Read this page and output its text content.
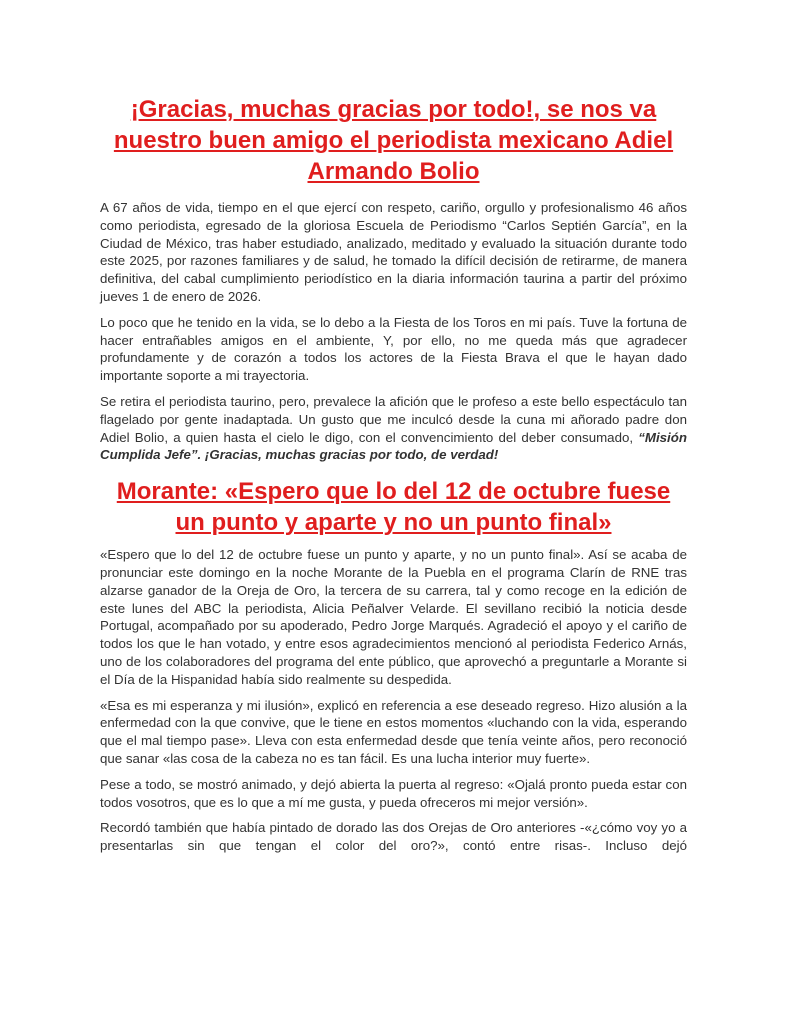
¡Gracias, muchas gracias por todo!, se nos va nuestro buen amigo el periodista mexicano Adiel Armando Bolio

A 67 años de vida, tiempo en el que ejercí con respeto, cariño, orgullo y profesionalismo 46 años como periodista, egresado de la gloriosa Escuela de Periodismo “Carlos Septién García”, en la Ciudad de México, tras haber estudiado, analizado, meditado y evaluado la situación durante todo este 2025, por razones familiares y de salud, he tomado la difícil decisión de retirarme, de manera definitiva, del cabal cumplimiento periodístico en la diaria información taurina a partir del próximo jueves 1 de enero de 2026.

Lo poco que he tenido en la vida, se lo debo a la Fiesta de los Toros en mi país. Tuve la fortuna de hacer entrañables amigos en el ambiente, Y, por ello, no me queda más que agradecer profundamente y de corazón a todos los actores de la Fiesta Brava el que le hayan dado importante soporte a mi trayectoria.

Se retira el periodista taurino, pero, prevalece la afición que le profeso a este bello espectáculo tan flagelado por gente inadaptada. Un gusto que me inculcó desde la cuna mi añorado padre don Adiel Bolio, a quien hasta el cielo le digo, con el convencimiento del deber consumado, “Misión Cumplida Jefe”. ¡Gracias, muchas gracias por todo, de verdad!

Morante: «Espero que lo del 12 de octubre fuese un punto y aparte y no un punto final»

«Espero que lo del 12 de octubre fuese un punto y aparte, y no un punto final». Así se acaba de pronunciar este domingo en la noche Morante de la Puebla en el programa Clarín de RNE tras alzarse ganador de la Oreja de Oro, la tercera de su carrera, tal y como recoge en la edición de este lunes del ABC la periodista, Alicia Peñalver Velarde. El sevillano recibió la noticia desde Portugal, acompañado por su apoderado, Pedro Jorge Marqués. Agradeció el apoyo y el cariño de todos los que le han votado, y entre esos agradecimientos mencionó al periodista Federico Arnás, uno de los colaboradores del programa del ente público, que aprovechó a preguntarle a Morante si el Día de la Hispanidad había sido realmente su despedida.

«Esa es mi esperanza y mi ilusión», explicó en referencia a ese deseado regreso. Hizo alusión a la enfermedad con la que convive, que le tiene en estos momentos «luchando con la vida, esperando que el mal tiempo pase». Lleva con esta enfermedad desde que tenía veinte años, pero reconoció que sanar «las cosa de la cabeza no es tan fácil. Es una lucha interior muy fuerte».

Pese a todo, se mostró animado, y dejó abierta la puerta al regreso: «Ojalá pronto pueda estar con todos vosotros, que es lo que a mí me gusta, y pueda ofreceros mi mejor versión».

Recordó también que había pintado de dorado las dos Orejas de Oro anteriores -«¿cómo voy yo a presentarlas sin que tengan el color del oro?», contó entre risas-. Incluso dejó
